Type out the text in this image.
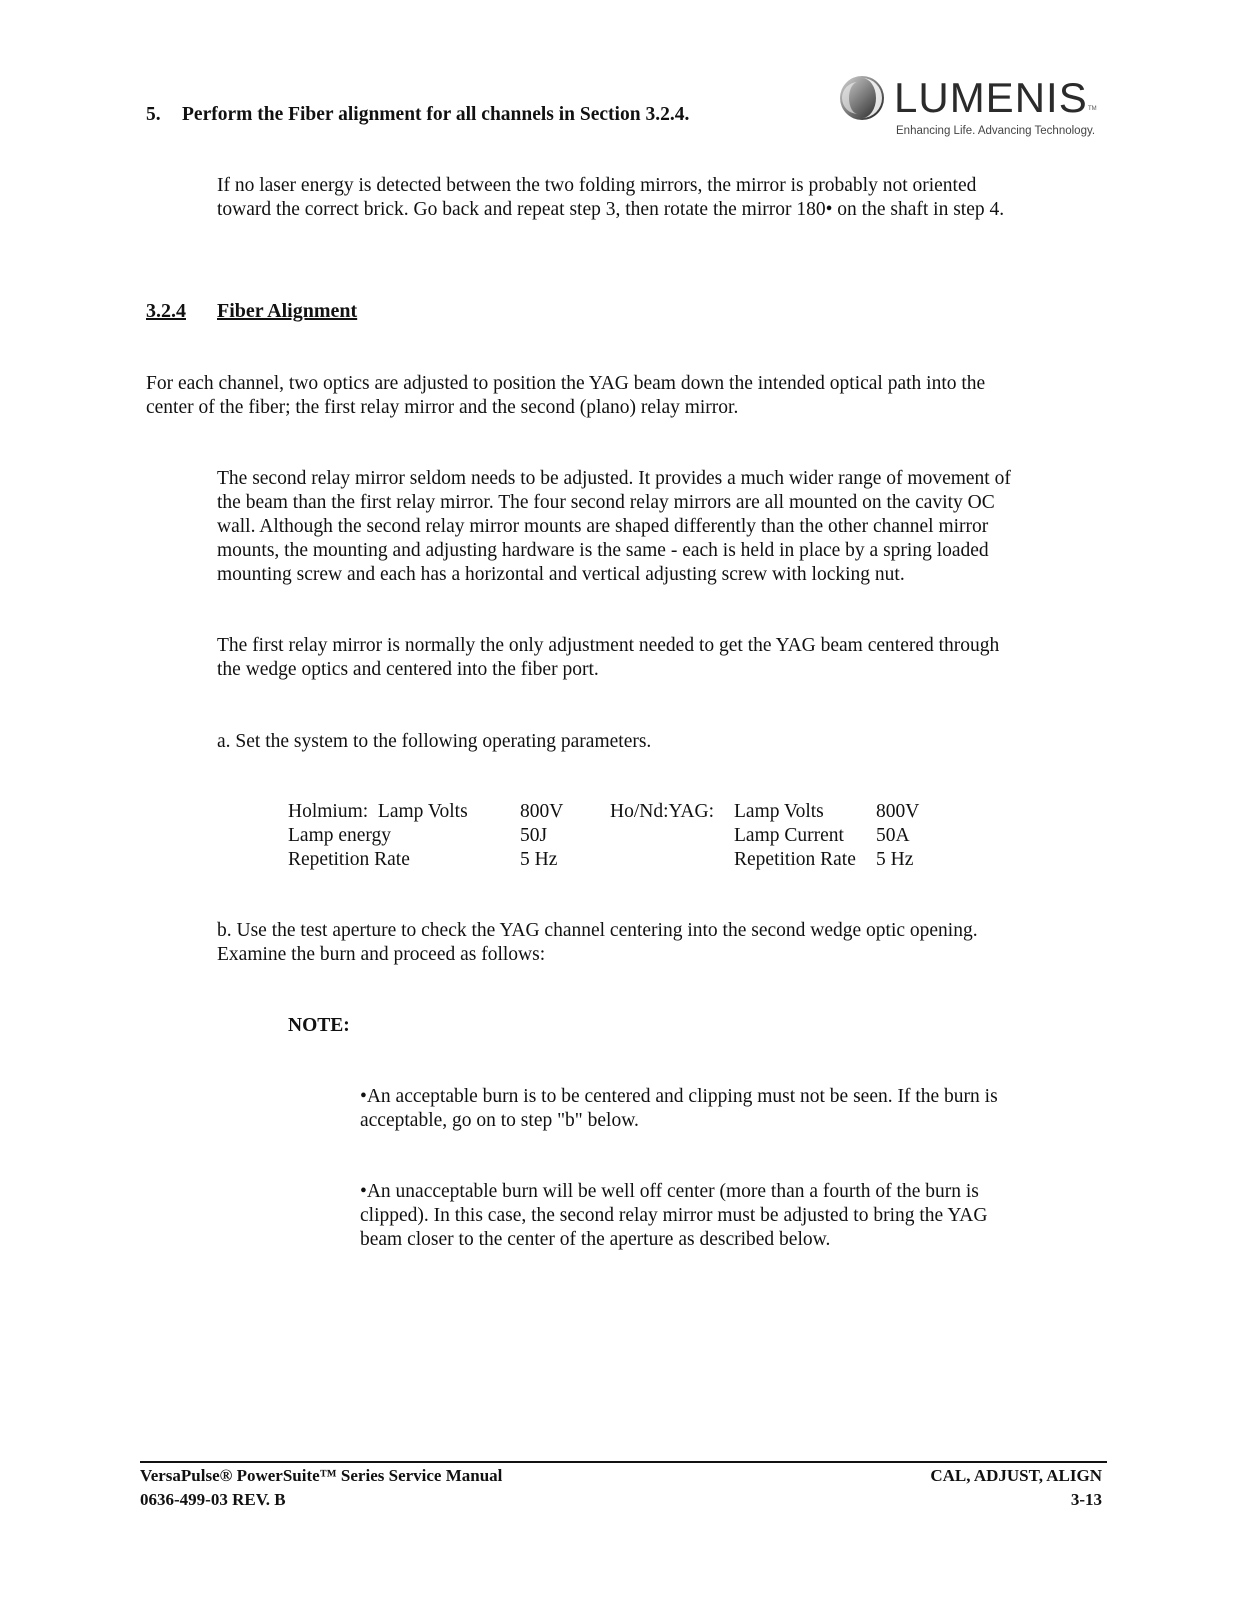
LUMENIS TM
Enhancing Life. Advancing Technology.
5. Perform the Fiber alignment for all channels in Section 3.2.4.
If no laser energy is detected between the two folding mirrors, the mirror is probably not oriented
toward the correct brick. Go back and repeat step 3, then rotate the mirror 180• on the shaft in step 4.
3.2.4 Fiber Alignment
For each channel, two optics are adjusted to position the YAG beam down the intended optical path into the
center of the fiber; the first relay mirror and the second (plano) relay mirror.
The second relay mirror seldom needs to be adjusted. It provides a much wider range of movement of
the beam than the first relay mirror. The four second relay mirrors are all mounted on the cavity OC
wall. Although the second relay mirror mounts are shaped differently than the other channel mirror
mounts, the mounting and adjusting hardware is the same - each is held in place by a spring loaded
mounting screw and each has a horizontal and vertical adjusting screw with locking nut.
The first relay mirror is normally the only adjustment needed to get the YAG beam centered through
the wedge optics and centered into the fiber port.
a. Set the system to the following operating parameters.
Holmium: Lamp Volts	800V	Ho/Nd:YAG:	Lamp Volts	800V
Lamp energy	50J		Lamp Current	50A
Repetition Rate	5 Hz		Repetition Rate	5 Hz
b. Use the test aperture to check the YAG channel centering into the second wedge optic opening.
Examine the burn and proceed as follows:
NOTE:
•An acceptable burn is to be centered and clipping must not be seen. If the burn is
acceptable, go on to step "b" below.
•An unacceptable burn will be well off center (more than a fourth of the burn is
clipped). In this case, the second relay mirror must be adjusted to bring the YAG
beam closer to the center of the aperture as described below.
VersaPulse® PowerSuite™ Series Service Manual
0636-499-03 REV. B
CAL, ADJUST, ALIGN
3-13
